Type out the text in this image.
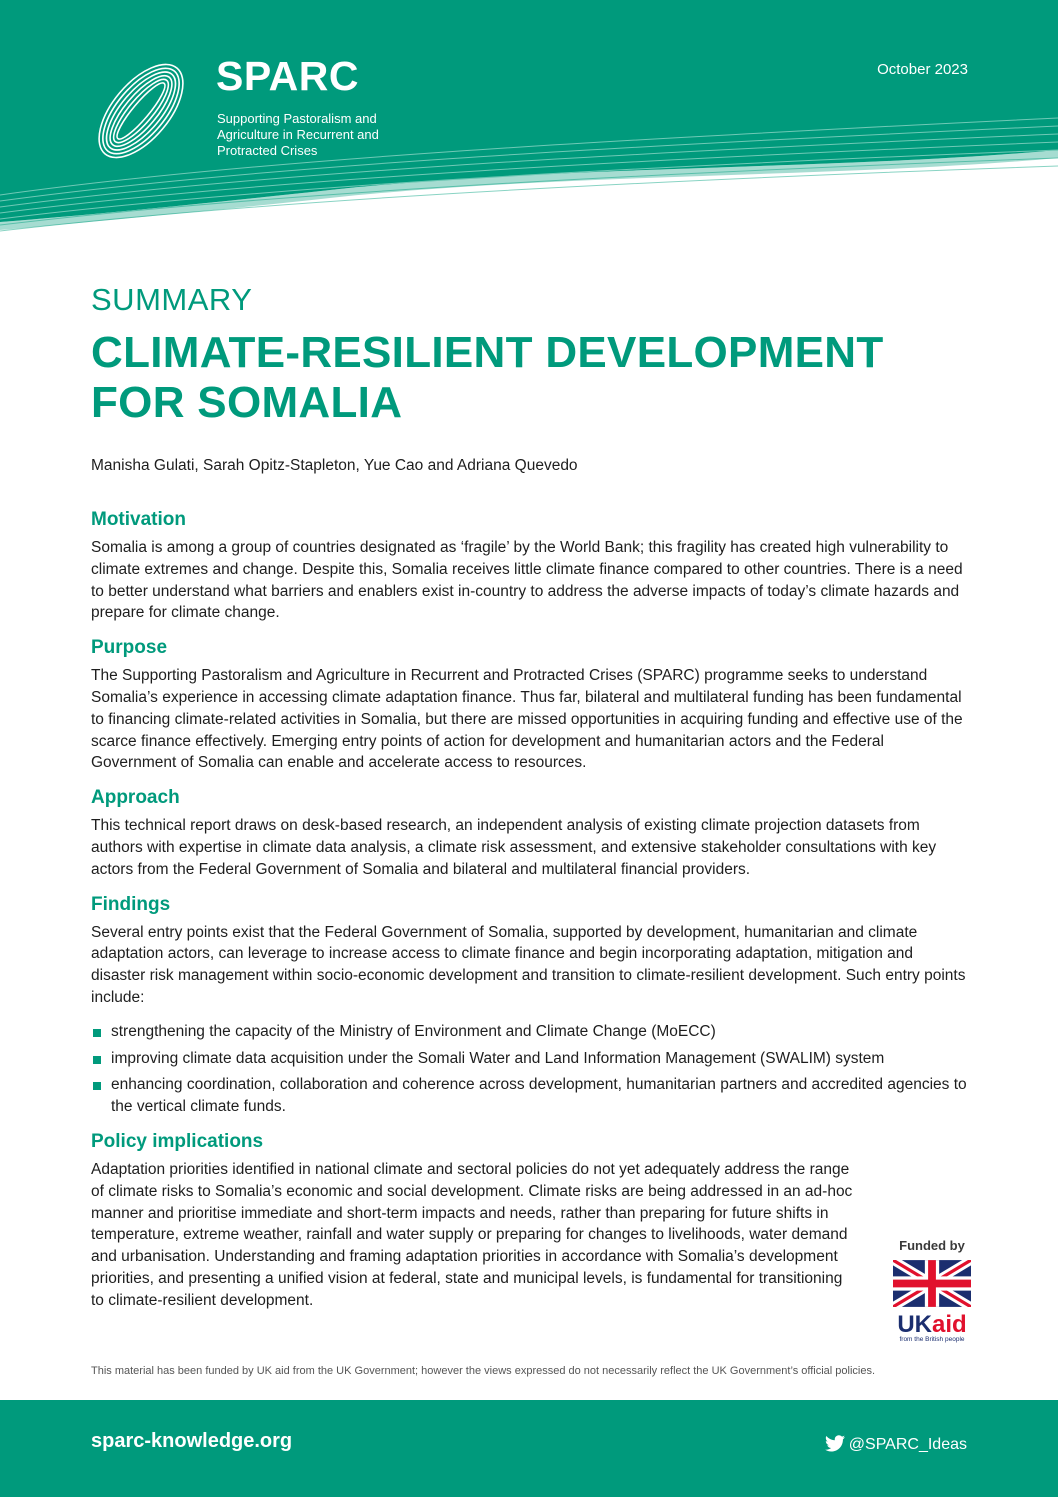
SPARC
Supporting Pastoralism and Agriculture in Recurrent and Protracted Crises
October 2023
SUMMARY
CLIMATE-RESILIENT DEVELOPMENT FOR SOMALIA
Manisha Gulati, Sarah Opitz-Stapleton, Yue Cao and Adriana Quevedo
Motivation

Somalia is among a group of countries designated as ‘fragile’ by the World Bank; this fragility has created high vulnerability to climate extremes and change. Despite this, Somalia receives little climate finance compared to other countries. There is a need to better understand what barriers and enablers exist in-country to address the adverse impacts of today’s climate hazards and prepare for climate change.

Purpose

The Supporting Pastoralism and Agriculture in Recurrent and Protracted Crises (SPARC) programme seeks to understand Somalia’s experience in accessing climate adaptation finance. Thus far, bilateral and multilateral funding has been fundamental to financing climate-related activities in Somalia, but there are missed opportunities in acquiring funding and effective use of the scarce finance effectively. Emerging entry points of action for development and humanitarian actors and the Federal Government of Somalia can enable and accelerate access to resources.

Approach

This technical report draws on desk-based research, an independent analysis of existing climate projection datasets from authors with expertise in climate data analysis, a climate risk assessment, and extensive stakeholder consultations with key actors from the Federal Government of Somalia and bilateral and multilateral financial providers.

Findings

Several entry points exist that the Federal Government of Somalia, supported by development, humanitarian and climate adaptation actors, can leverage to increase access to climate finance and begin incorporating adaptation, mitigation and disaster risk management within socio-economic development and transition to climate-resilient development. Such entry points include:

strengthening the capacity of the Ministry of Environment and Climate Change (MoECC)
improving climate data acquisition under the Somali Water and Land Information Management (SWALIM) system
enhancing coordination, collaboration and coherence across development, humanitarian partners and accredited agencies to the vertical climate funds.
Policy implications

Adaptation priorities identified in national climate and sectoral policies do not yet adequately address the range of climate risks to Somalia’s economic and social development. Climate risks are being addressed in an ad-hoc manner and prioritise immediate and short-term impacts and needs, rather than preparing for future shifts in temperature, extreme weather, rainfall and water supply or preparing for changes to livelihoods, water demand and urbanisation. Understanding and framing adaptation priorities in accordance with Somalia’s development priorities, and presenting a unified vision at federal, state and municipal levels, is fundamental for transitioning to climate-resilient development.

Funded by
UKaid
from the British people
This material has been funded by UK aid from the UK Government; however the views expressed do not necessarily reflect the UK Government’s official policies.
sparc-knowledge.org	@SPARC_Ideas
